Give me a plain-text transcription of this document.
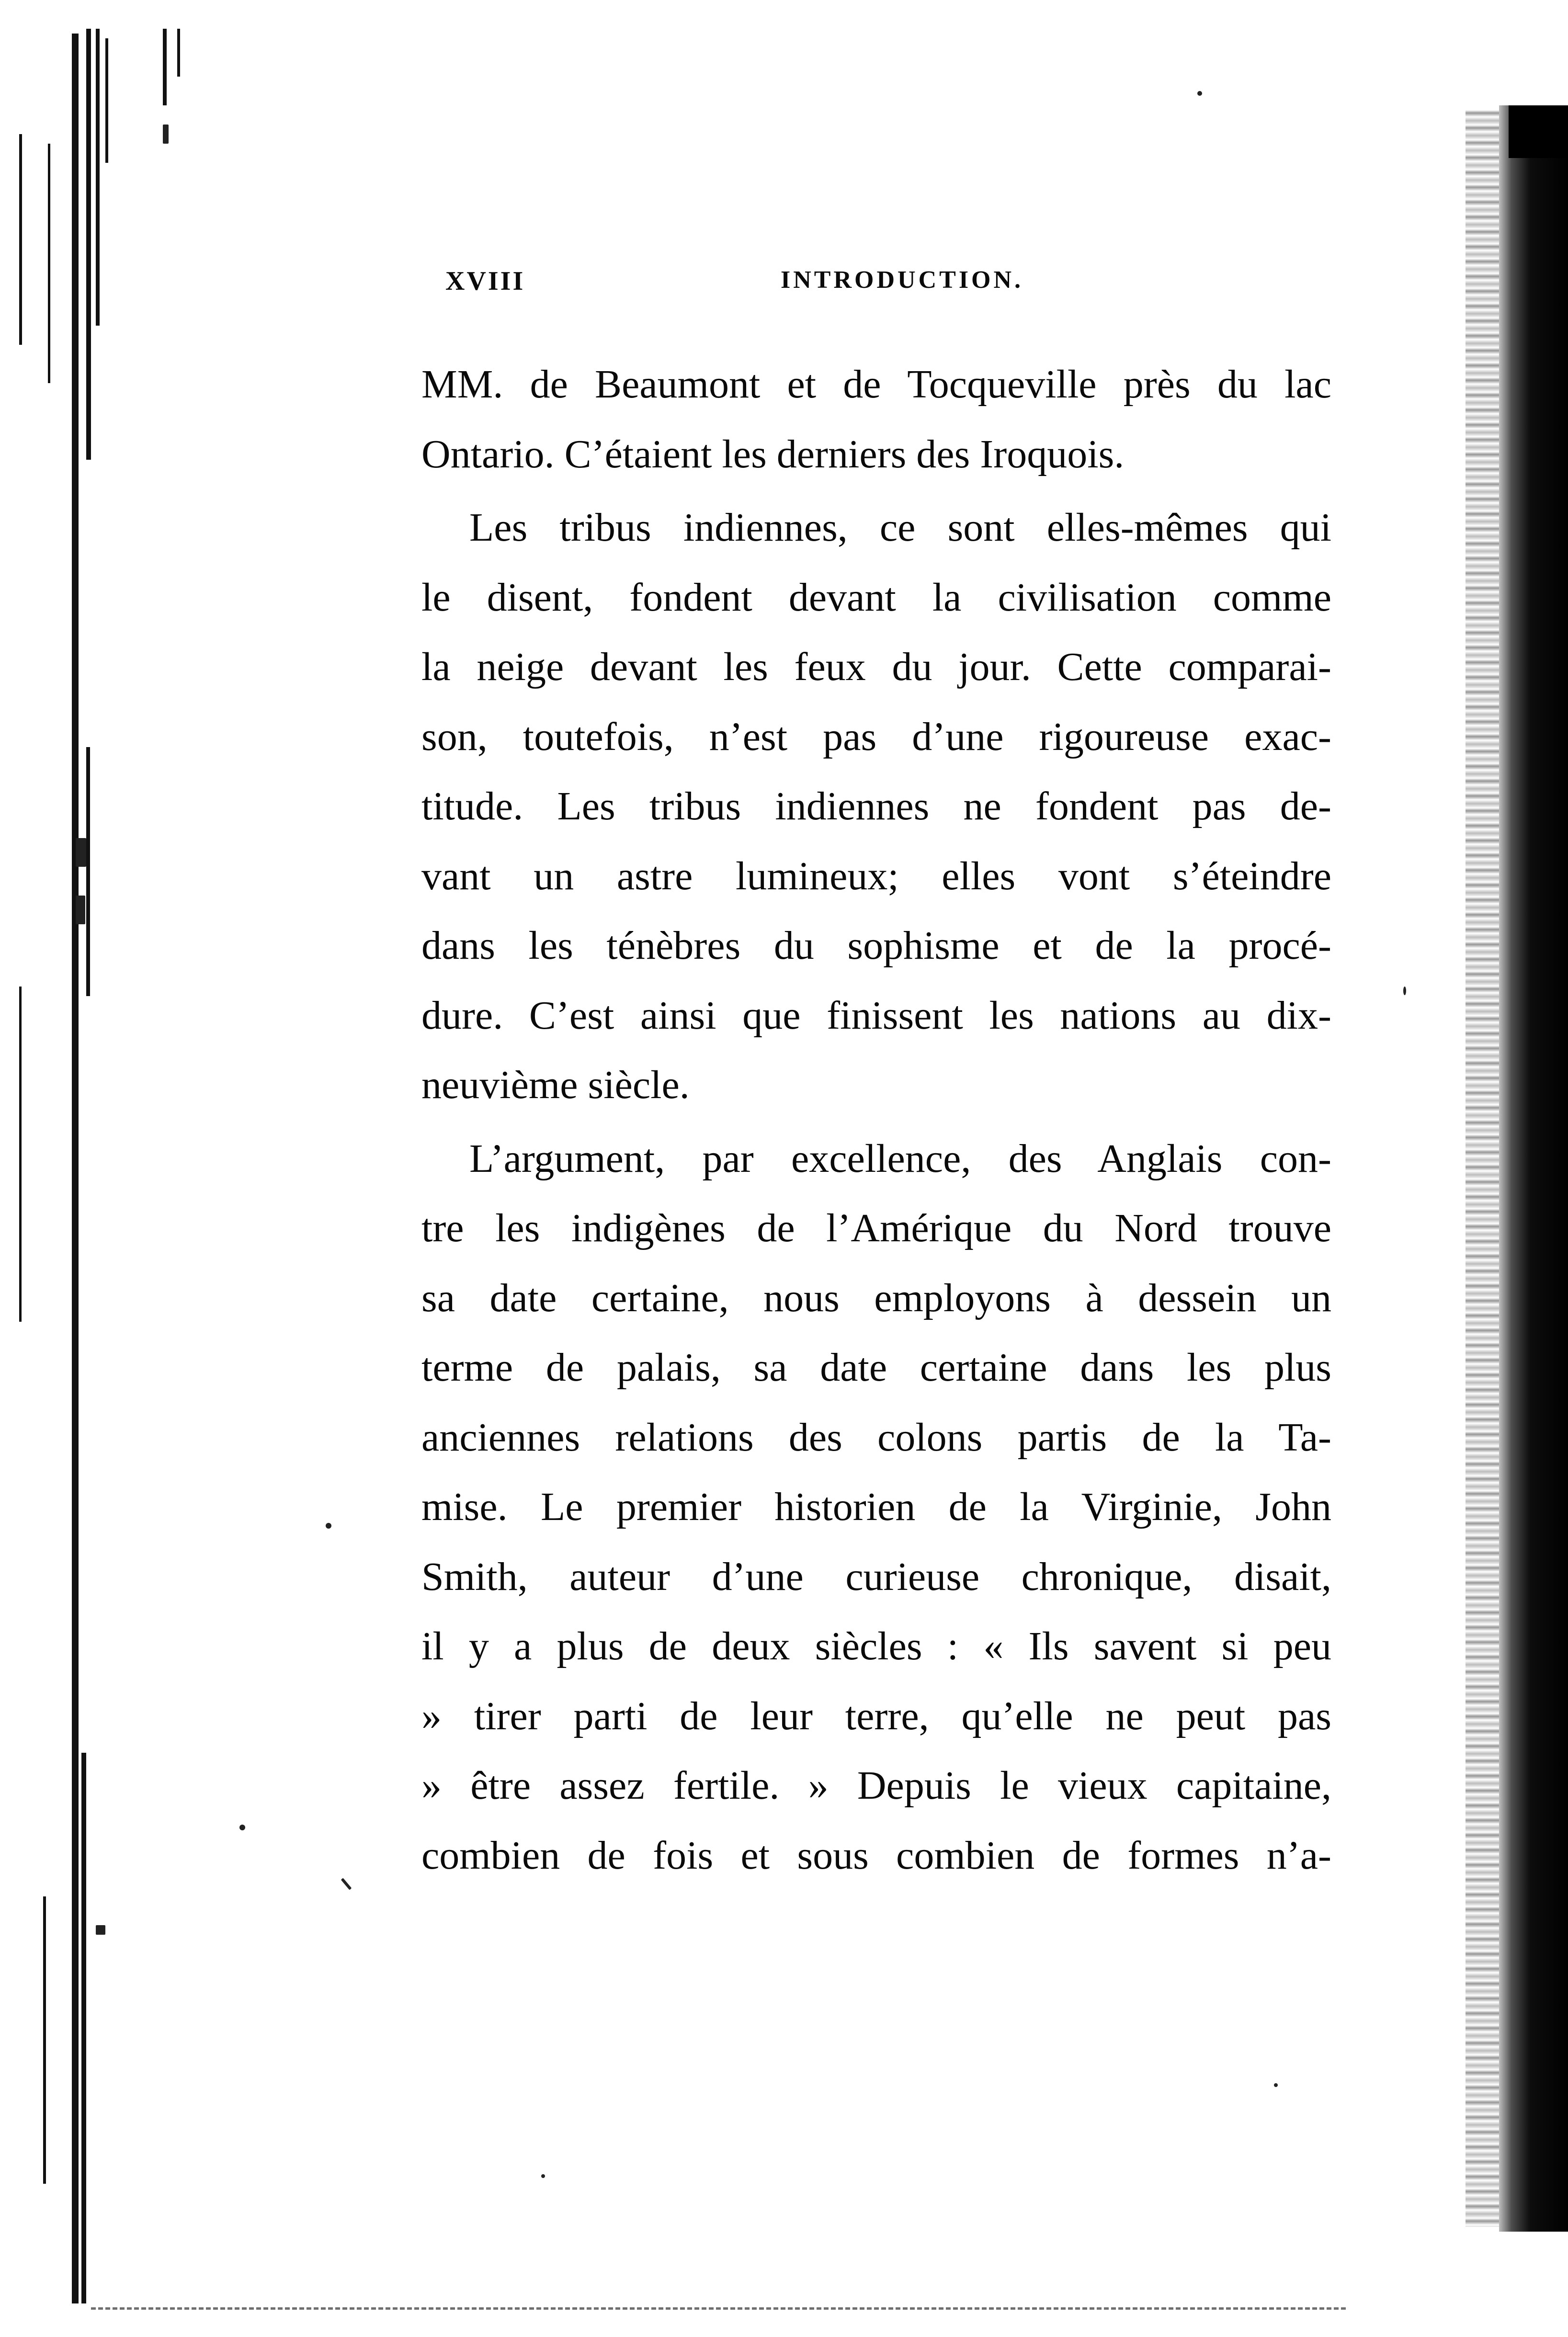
XVIII	INTRODUCTION.
MM. de Beaumont et de Tocqueville près du lac
Ontario. C’étaient les derniers des Iroquois.
Les tribus indiennes, ce sont elles-mêmes qui
le disent, fondent devant la civilisation comme
la neige devant les feux du jour. Cette comparai-
son, toutefois, n’est pas d’une rigoureuse exac-
titude. Les tribus indiennes ne fondent pas de-
vant un astre lumineux; elles vont s’éteindre
dans les ténèbres du sophisme et de la procé-
dure. C’est ainsi que finissent les nations au dix-
neuvième siècle.
L’argument, par excellence, des Anglais con-
tre les indigènes de l’Amérique du Nord trouve
sa date certaine, nous employons à dessein un
terme de palais, sa date certaine dans les plus
anciennes relations des colons partis de la Ta-
mise. Le premier historien de la Virginie, John
Smith, auteur d’une curieuse chronique, disait,
il y a plus de deux siècles : « Ils savent si peu
» tirer parti de leur terre, qu’elle ne peut pas
» être assez fertile. » Depuis le vieux capitaine,
combien de fois et sous combien de formes n’a-
